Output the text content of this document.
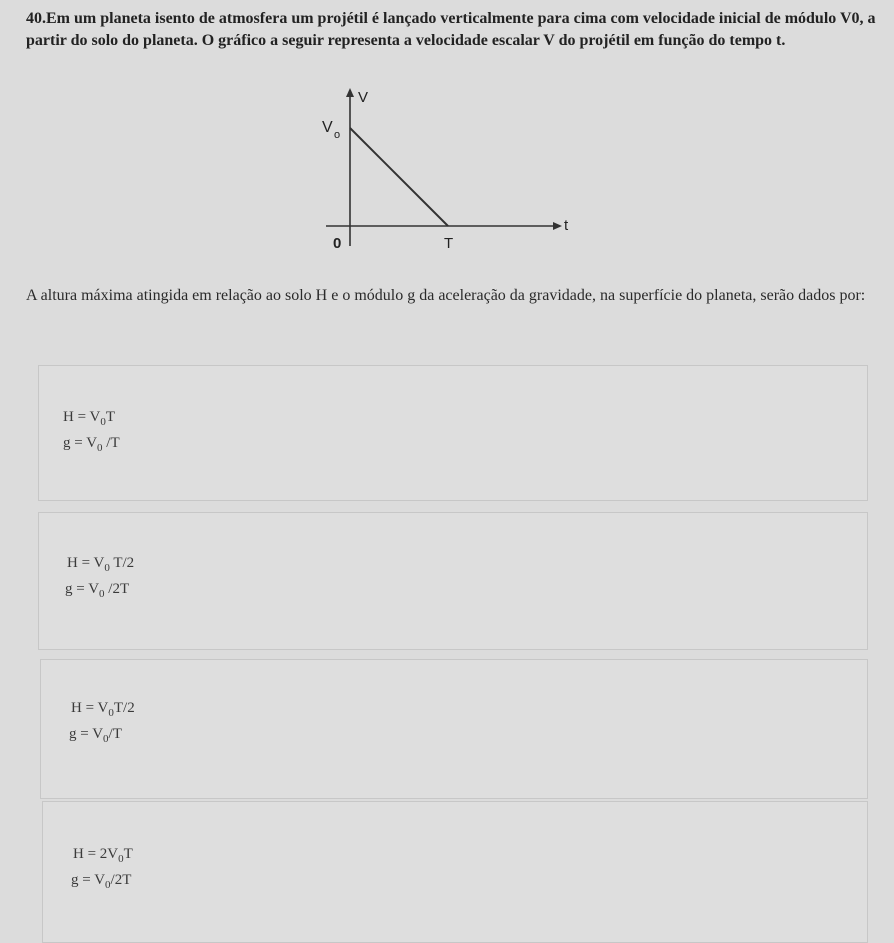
40.Em um planeta isento de atmosfera um projétil é lançado verticalmente para cima com velocidade inicial de módulo V0, a partir do solo do planeta. O gráfico a seguir representa a velocidade escalar V do projétil em função do tempo t.
V
t
V o
0	T
A altura máxima atingida em relação ao solo H e o módulo g da aceleração da gravidade, na superfície do planeta, serão dados por:
$H = V_0T$
$g = V_0$ /T
$H = V_0$ T/2
$g = V_0$ /2T
$H = V_0T/2$
$g = V_0/T$
$H = 2V_0T$
$g = V_0/2T$
